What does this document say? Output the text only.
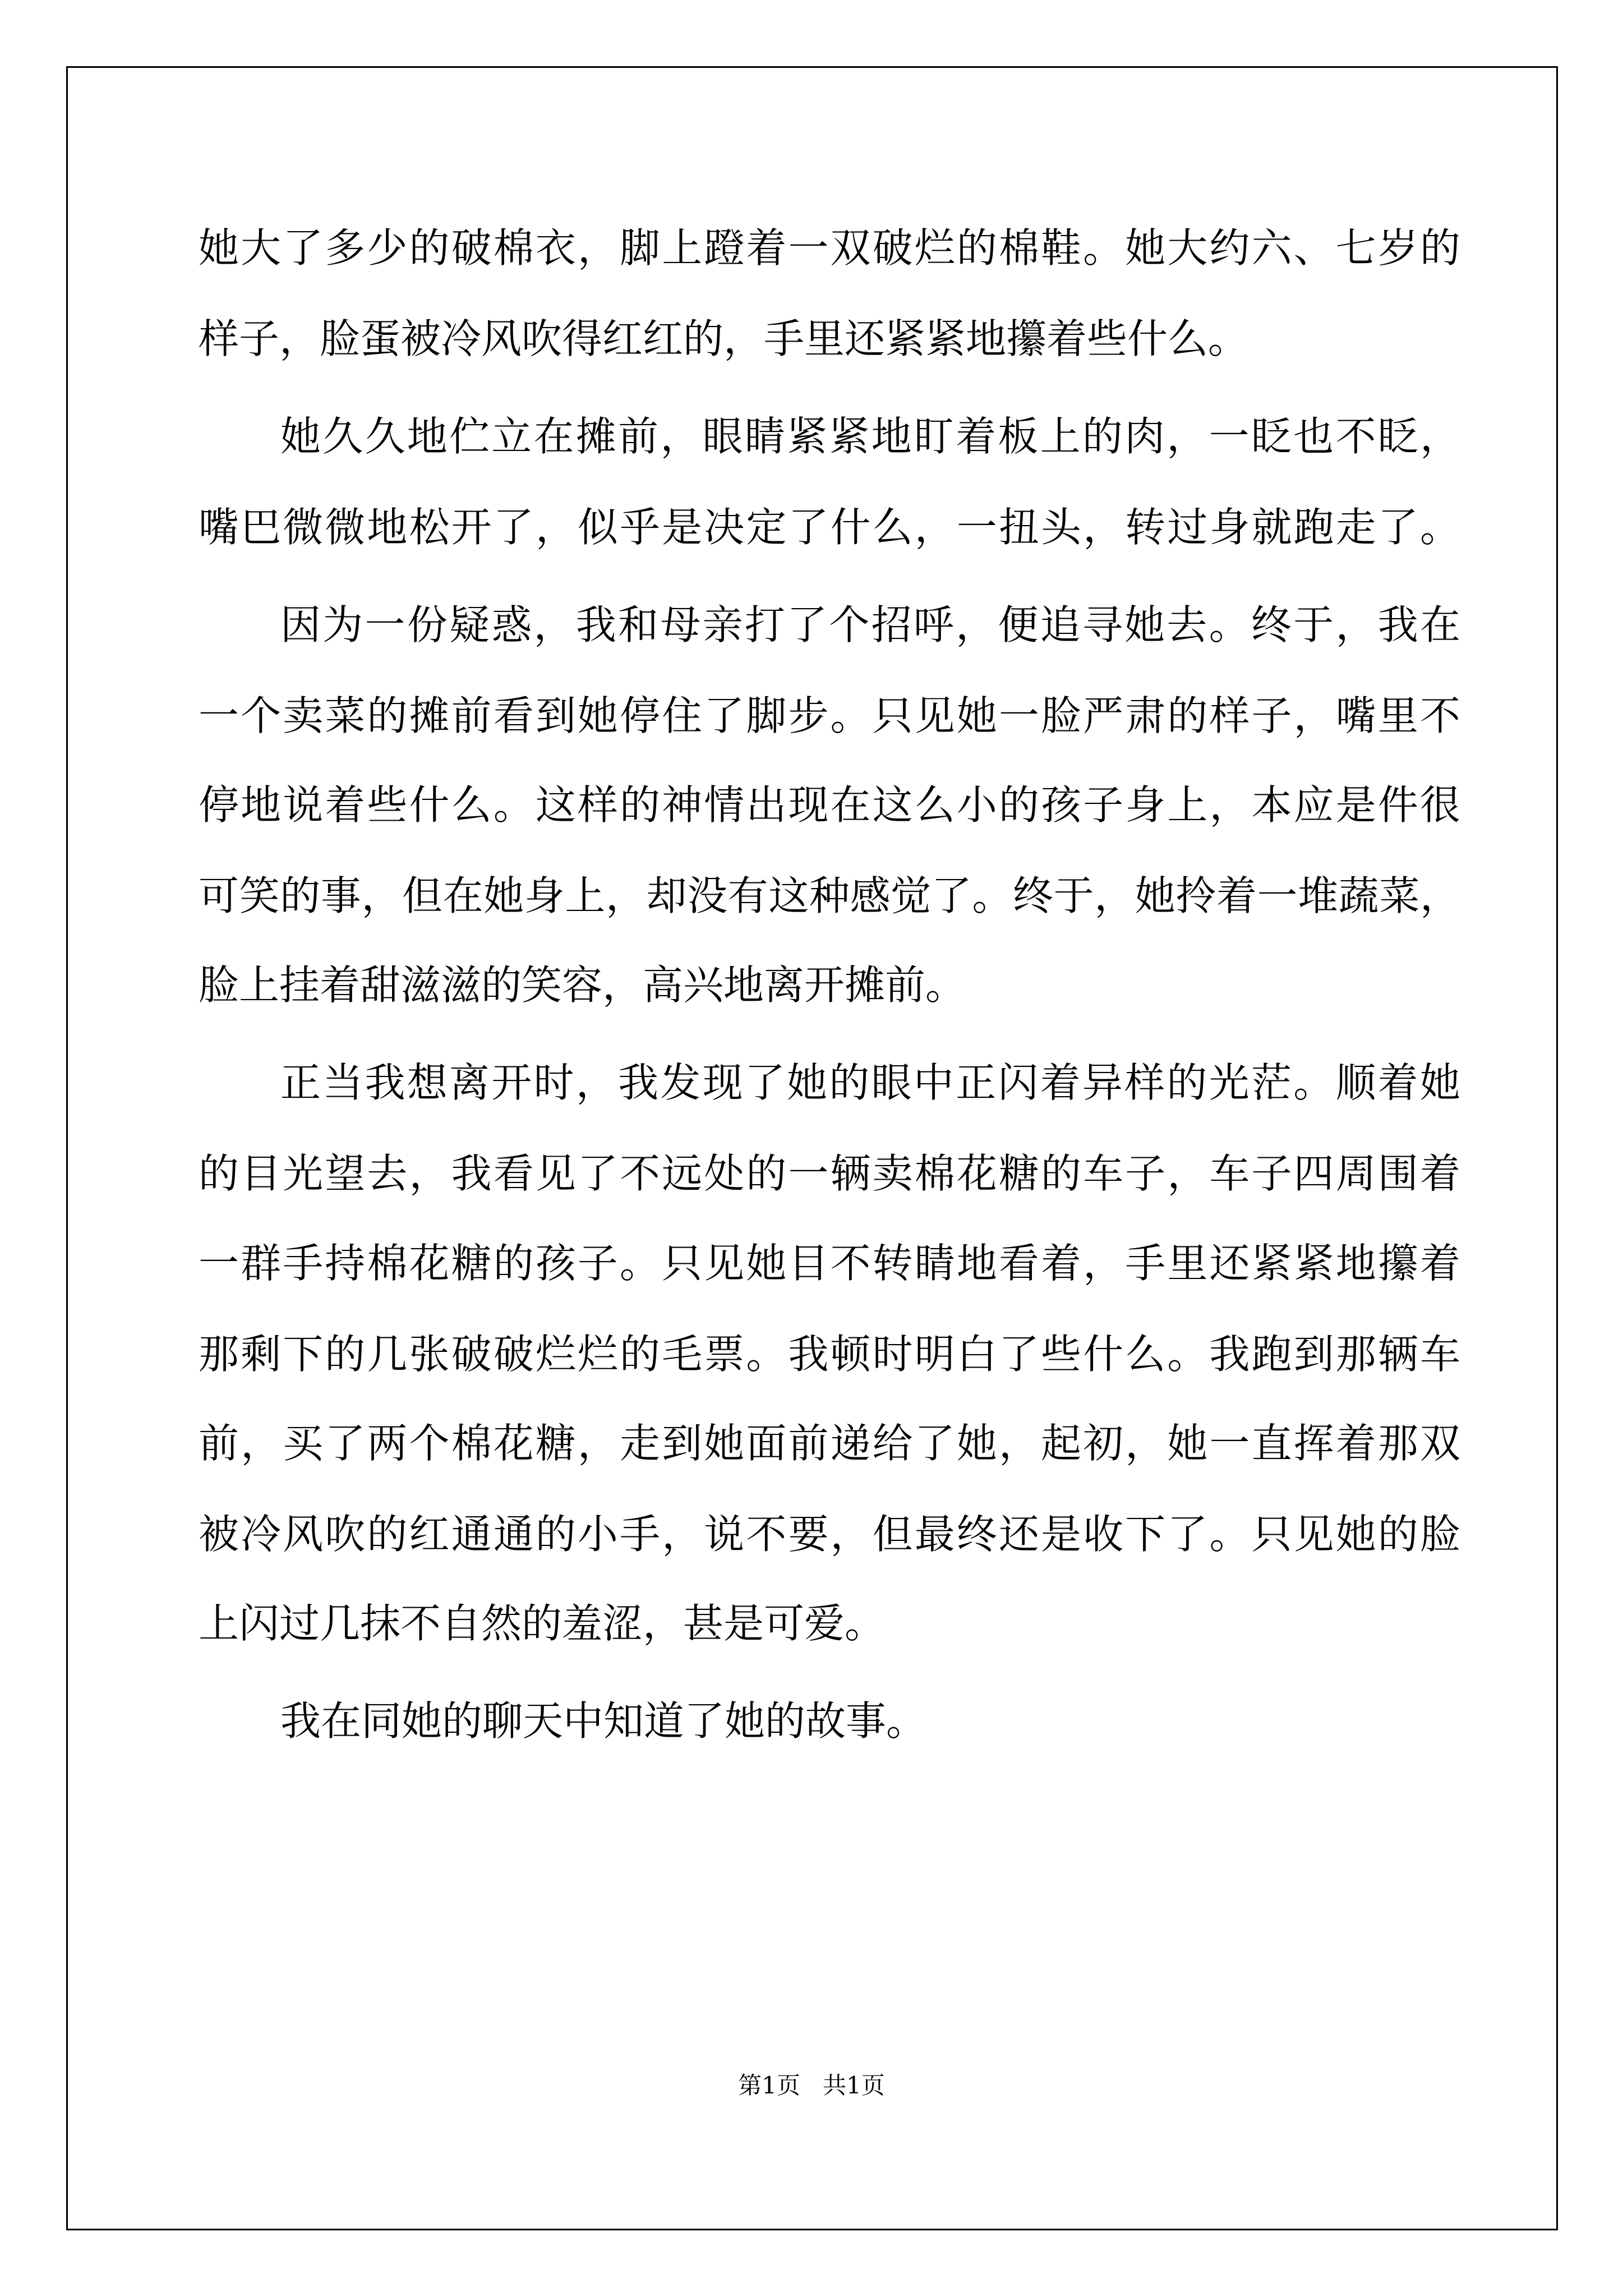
她大了多少的破棉衣，脚上蹬着一双破烂的棉鞋。她大约六、七岁的

样子，脸蛋被冷风吹得红红的，手里还紧紧地攥着些什么。

她久久地伫立在摊前，眼睛紧紧地盯着板上的肉，一眨也不眨，

嘴巴微微地松开了，似乎是决定了什么，一扭头，转过身就跑走了。

因为一份疑惑，我和母亲打了个招呼，便追寻她去。终于，我在

一个卖菜的摊前看到她停住了脚步。只见她一脸严肃的样子，嘴里不

停地说着些什么。这样的神情出现在这么小的孩子身上，本应是件很

可笑的事，但在她身上，却没有这种感觉了。终于，她拎着一堆蔬菜，

脸上挂着甜滋滋的笑容，高兴地离开摊前。

正当我想离开时，我发现了她的眼中正闪着异样的光茫。顺着她

的目光望去，我看见了不远处的一辆卖棉花糖的车子，车子四周围着

一群手持棉花糖的孩子。只见她目不转睛地看着，手里还紧紧地攥着

那剩下的几张破破烂烂的毛票。我顿时明白了些什么。我跑到那辆车

前，买了两个棉花糖，走到她面前递给了她，起初，她一直挥着那双

被冷风吹的红通通的小手，说不要，但最终还是收下了。只见她的脸

上闪过几抹不自然的羞涩，甚是可爱。

我在同她的聊天中知道了她的故事。

第1页   共1页
